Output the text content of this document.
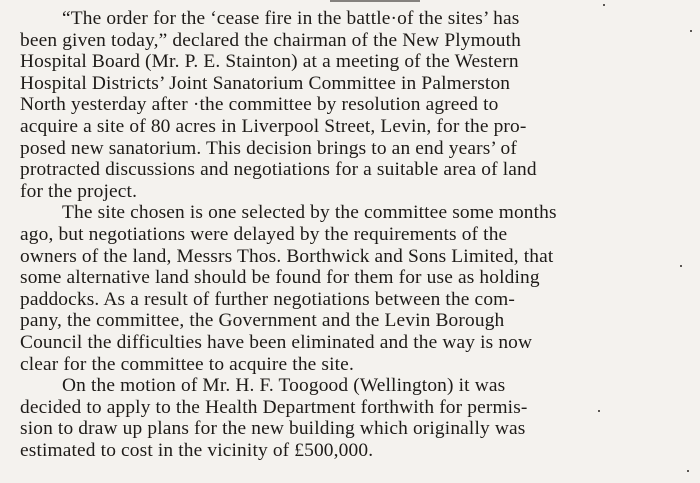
“The order for the ‘cease fire in the battle·of the sites’ has
been given today,” declared the chairman of the New Plymouth
Hospital Board (Mr. P. E. Stainton) at a meeting of the Western
Hospital Districts’ Joint Sanatorium Committee in Palmerston
North yesterday after ·the committee by resolution agreed to
acquire a site of 80 acres in Liverpool Street, Levin, for the pro-
posed new sanatorium. This decision brings to an end years’ of
protracted discussions and negotiations for a suitable area of land
for the project.
The site chosen is one selected by the committee some months
ago, but negotiations were delayed by the requirements of the
owners of the land, Messrs Thos. Borthwick and Sons Limited, that
some alternative land should be found for them for use as holding
paddocks. As a result of further negotiations between the com-
pany, the committee, the Government and the Levin Borough
Council the difficulties have been eliminated and the way is now
clear for the committee to acquire the site.
On the motion of Mr. H. F. Toogood (Wellington) it was
decided to apply to the Health Department forthwith for permis-
sion to draw up plans for the new building which originally was
estimated to cost in the vicinity of £500,000.
